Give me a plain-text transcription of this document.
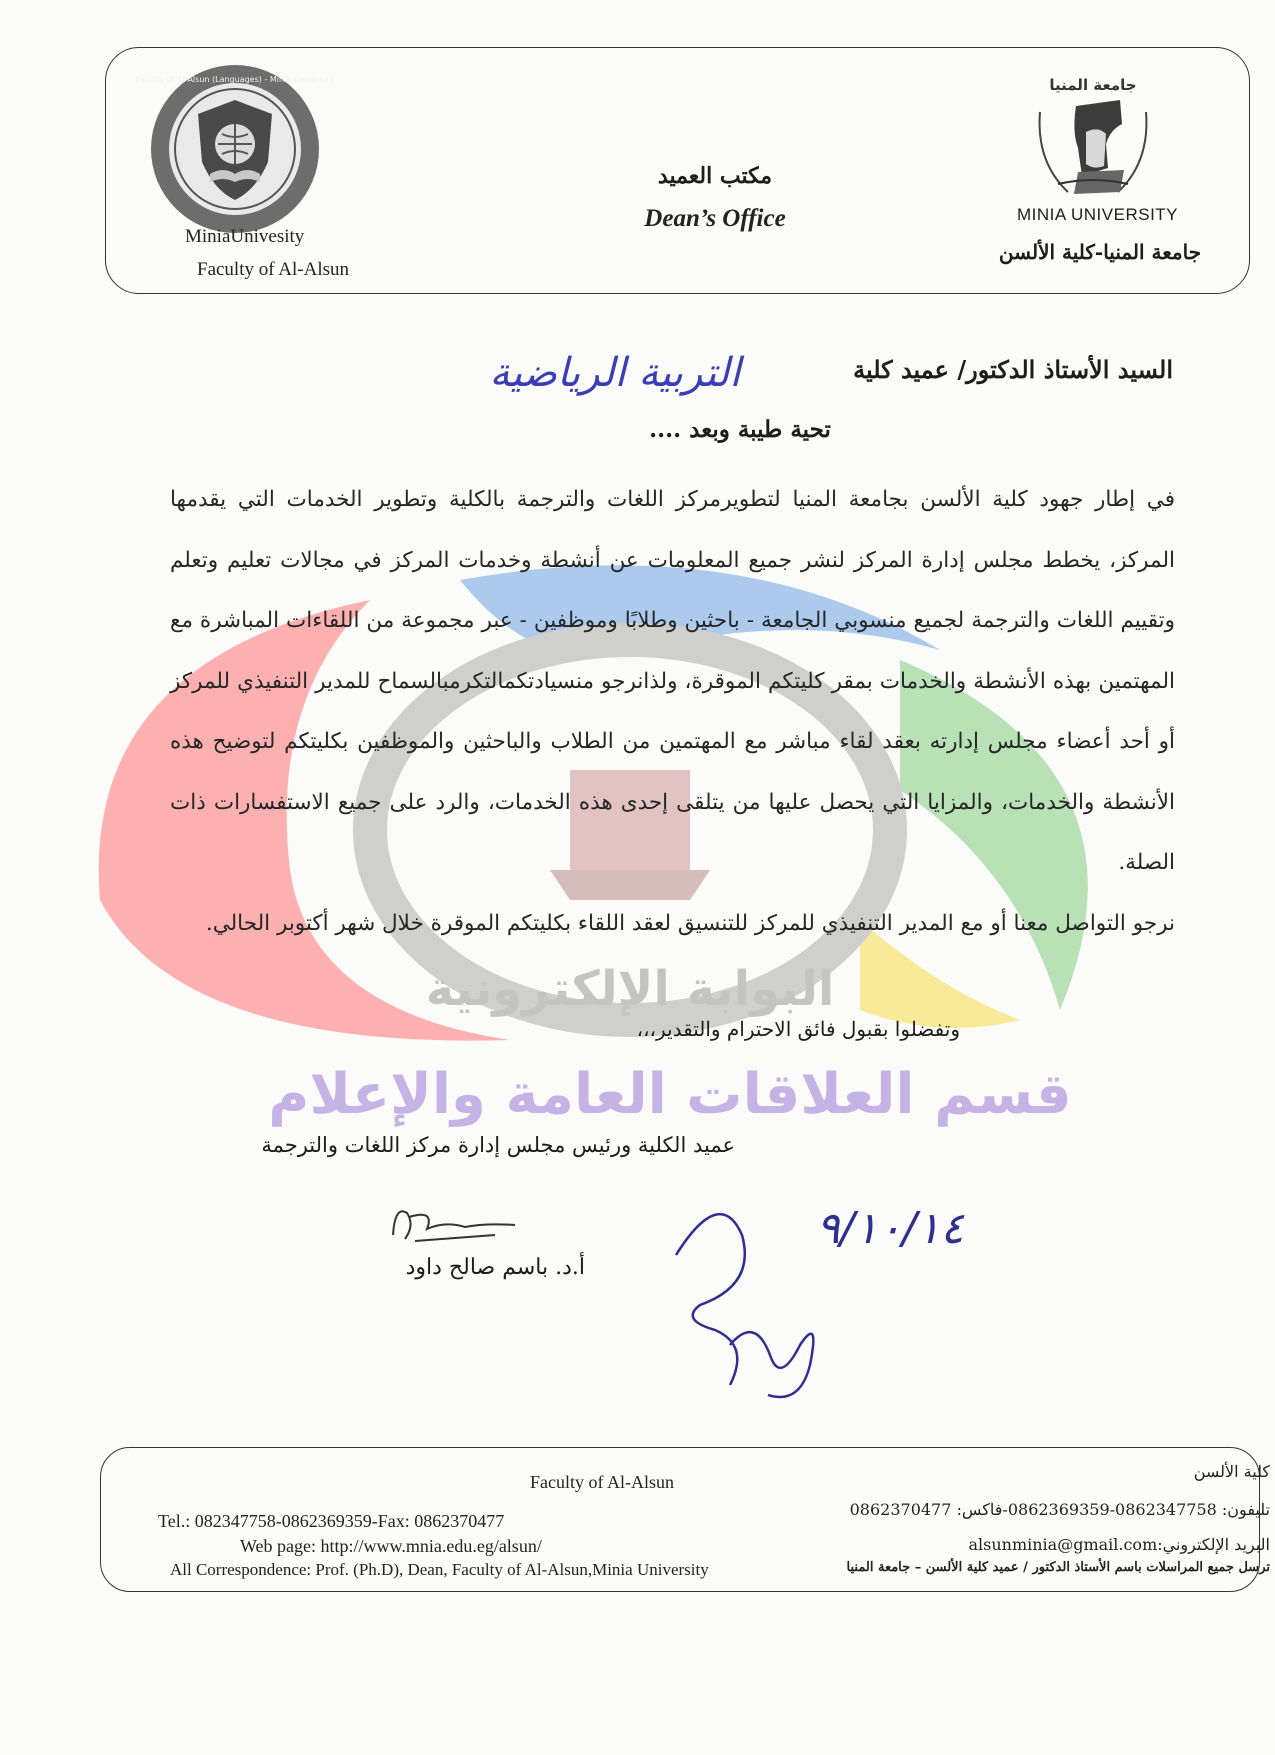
Faculty of Al-Alsun (Languages) - Minia University	جامعة المنيا
MiniaUnivesity
Faculty of Al-Alsun
مكتب العميد
Dean’s Office	MINIA UNIVERSITY
جامعة المنيا-كلية الألسن
البوابة الإلكترونية
قسم العلاقات العامة والإعلام
السيد الأستاذ الدكتور/ عميد كلية
التربية الرياضية
تحية طيبة وبعد ....

في إطار جهود كلية الألسن بجامعة المنيا لتطويرمركز اللغات والترجمة بالكلية وتطوير الخدمات التي يقدمها المركز، يخطط مجلس إدارة المركز لنشر جميع المعلومات عن أنشطة وخدمات المركز في مجالات تعليم وتعلم وتقييم اللغات والترجمة لجميع منسوبي الجامعة - باحثين وطلابًا وموظفين - عبر مجموعة من اللقاءات المباشرة مع المهتمين بهذه الأنشطة والخدمات بمقر كليتكم الموقرة، ولذانرجو منسيادتكمالتكرمبالسماح للمدير التنفيذي للمركز أو أحد أعضاء مجلس إدارته بعقد لقاء مباشر مع المهتمين من الطلاب والباحثين والموظفين بكليتكم لتوضيح هذه الأنشطة والخدمات، والمزايا التي يحصل عليها من يتلقى إحدى هذه الخدمات، والرد على جميع الاستفسارات ذات الصلة.

نرجو التواصل معنا أو مع المدير التنفيذي للمركز للتنسيق لعقد اللقاء بكليتكم الموقرة خلال شهر أكتوبر الحالي.

وتفضلوا بقبول فائق الاحترام والتقدير،،،
عميد الكلية ورئيس مجلس إدارة مركز اللغات والترجمة
أ.د. باسم صالح داود
٩/١٠/١٤
Faculty of Al-Alsun
Tel.: 082347758-0862369359-Fax: 0862370477
Web page: http://www.mnia.edu.eg/alsun/
All Correspondence: Prof. (Ph.D), Dean, Faculty of Al-Alsun,Minia University
كلية الألسن
تليفون: 0862347758-0862369359-فاكس: 0862370477
البريد الإلكتروني:alsunminia@gmail.com
ترسل جميع المراسلات باسم الأستاذ الدكتور / عميد كلية الألسن – جامعة المنيا
